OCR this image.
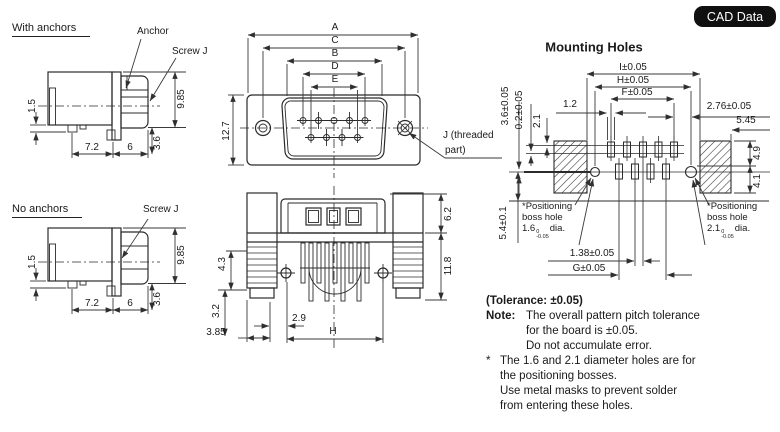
CAD Data
With anchors	Anchor
Screw J
1.5
7.2	6 3.6
9.85
No anchors	Screw J
1.5
7.2	6 3.6
9.85
A
C
B
D
E
12.7	J (threaded
part)
6.2
11.8
4.3
3.2
3.85
2.9
H
Mounting Holes
I±0.05
H±0.05
F±0.05
1.2	2.76±0.05
5.45
3.6±0.05 0.2±0.05 2.1
4.9
4.1
5.4±0.1
1.38±0.05
G±0.05
*Positioning
boss hole
1.6 0
-0.05
dia.
*Positioning
boss hole
2.1 0
-0.05
dia.
(Tolerance: ±0.05)
Note: The overall pattern pitch tolerance
for the board is ±0.05.
Do not accumulate error.
* The 1.6 and 2.1 diameter holes are for
the positioning bosses.
Use metal masks to prevent solder
from entering these holes.
